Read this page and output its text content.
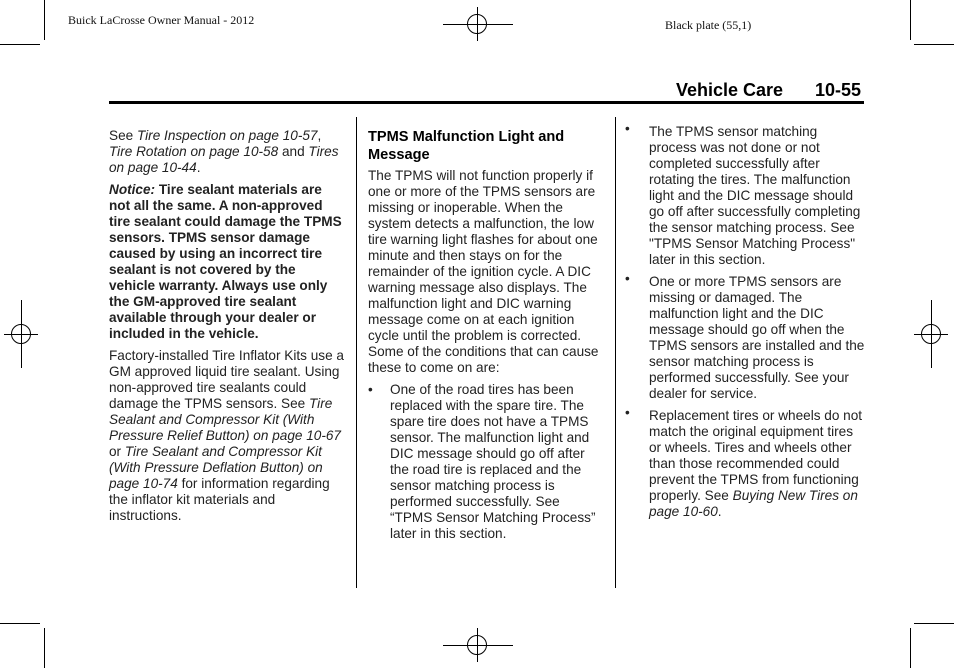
Buick LaCrosse Owner Manual - 2012	Black plate (55,1)
Vehicle Care 10-55

See Tire Inspection on page 10-57, Tire Rotation on page 10-58 and Tires on page 10-44.

Notice: Tire sealant materials are not all the same. A non-approved tire sealant could damage the TPMS sensors. TPMS sensor damage caused by using an incorrect tire sealant is not covered by the vehicle warranty. Always use only the GM-approved tire sealant available through your dealer or included in the vehicle.

Factory-installed Tire Inflator Kits use a GM approved liquid tire sealant. Using non-approved tire sealants could damage the TPMS sensors. See Tire Sealant and Compressor Kit (With Pressure Relief Button) on page 10-67 or Tire Sealant and Compressor Kit (With Pressure Deflation Button) on page 10-74 for information regarding the inflator kit materials and instructions.

TPMS Malfunction Light and Message

The TPMS will not function properly if one or more of the TPMS sensors are missing or inoperable. When the system detects a malfunction, the low tire warning light flashes for about one minute and then stays on for the remainder of the ignition cycle. A DIC warning message also displays. The malfunction light and DIC warning message come on at each ignition cycle until the problem is corrected. Some of the conditions that can cause these to come on are:

• One of the road tires has been replaced with the spare tire. The spare tire does not have a TPMS sensor. The malfunction light and DIC message should go off after the road tire is replaced and the sensor matching process is performed successfully. See “TPMS Sensor Matching Process” later in this section.
• The TPMS sensor matching process was not done or not completed successfully after rotating the tires. The malfunction light and the DIC message should go off after successfully completing the sensor matching process. See "TPMS Sensor Matching Process" later in this section.
• One or more TPMS sensors are missing or damaged. The malfunction light and the DIC message should go off when the TPMS sensors are installed and the sensor matching process is performed successfully. See your dealer for service.
• Replacement tires or wheels do not match the original equipment tires or wheels. Tires and wheels other than those recommended could prevent the TPMS from functioning properly. See Buying New Tires on page 10-60.
